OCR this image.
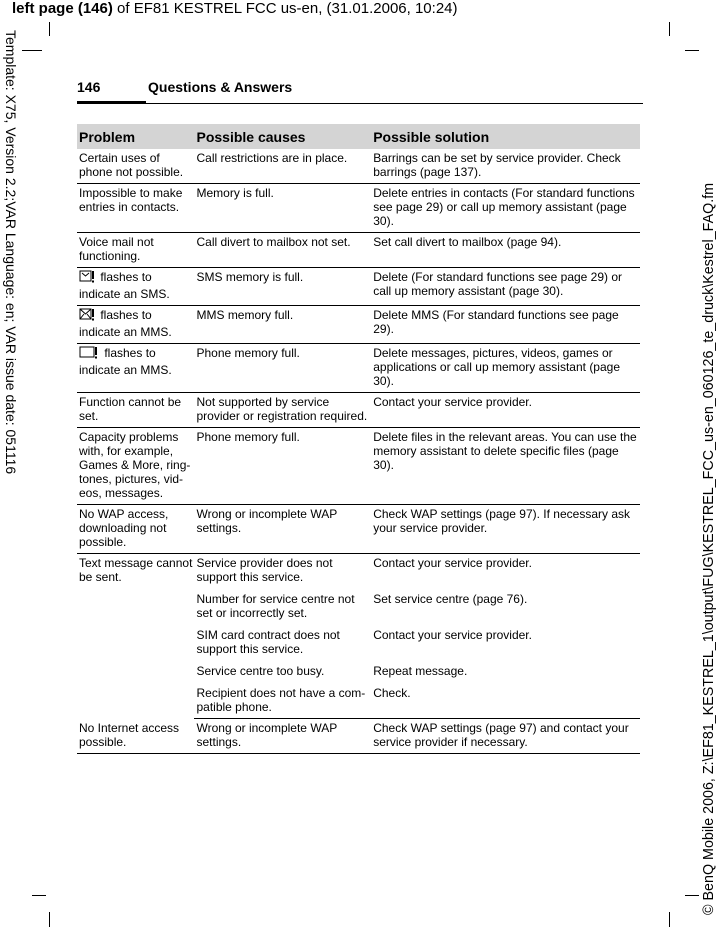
left page (146) of EF81 KESTREL FCC us-en, (31.01.2006, 10:24)
Template: X75, Version 2.2;VAR Language: en; VAR issue date: 051116	© BenQ Mobile 2006, Z:\EF81_KESTREL_1\output\FUG\KESTREL_FCC_us-en_060126_te_druck\Kestrel_FAQ.fm
146	Questions & Answers
Problem	Possible causes	Possible solution
Certain uses of phone not possible.	Call restrictions are in place.	Barrings can be set by service provider. Check barrings (page 137).
Impossible to make entries in contacts.	Memory is full.	Delete entries in contacts (For standard functions see page 29) or call up memory assistant (page 30).
Voice mail not functioning.	Call divert to mailbox not set.	Set call divert to mailbox (page 94).
flashes to indicate an SMS.	SMS memory is full.	Delete (For standard functions see page 29) or call up memory assistant (page 30).
flashes to indicate an MMS.	MMS memory full.	Delete MMS (For standard functions see page 29).
flashes to indicate an MMS.	Phone memory full.	Delete messages, pictures, videos, games or applications or call up memory assistant (page 30).
Function cannot be set.	Not supported by service provider or registration required.	Contact your service provider.
Capacity problems with, for example, Games & More, ring-tones, pictures, vid-eos, messages.	Phone memory full.	Delete files in the relevant areas. You can use the memory assistant to delete specific files (page 30).
No WAP access, downloading not possible.	Wrong or incomplete WAP settings.	Check WAP settings (page 97). If necessary ask your service provider.
Text message cannot be sent.	Service provider does not support this service.	Contact your service provider.
	Number for service centre not set or incorrectly set.	Set service centre (page 76).
	SIM card contract does not support this service.	Contact your service provider.
	Service centre too busy.	Repeat message.
	Recipient does not have a com-patible phone.	Check.
No Internet access possible.	Wrong or incomplete WAP settings.	Check WAP settings (page 97) and contact your service provider if necessary.
